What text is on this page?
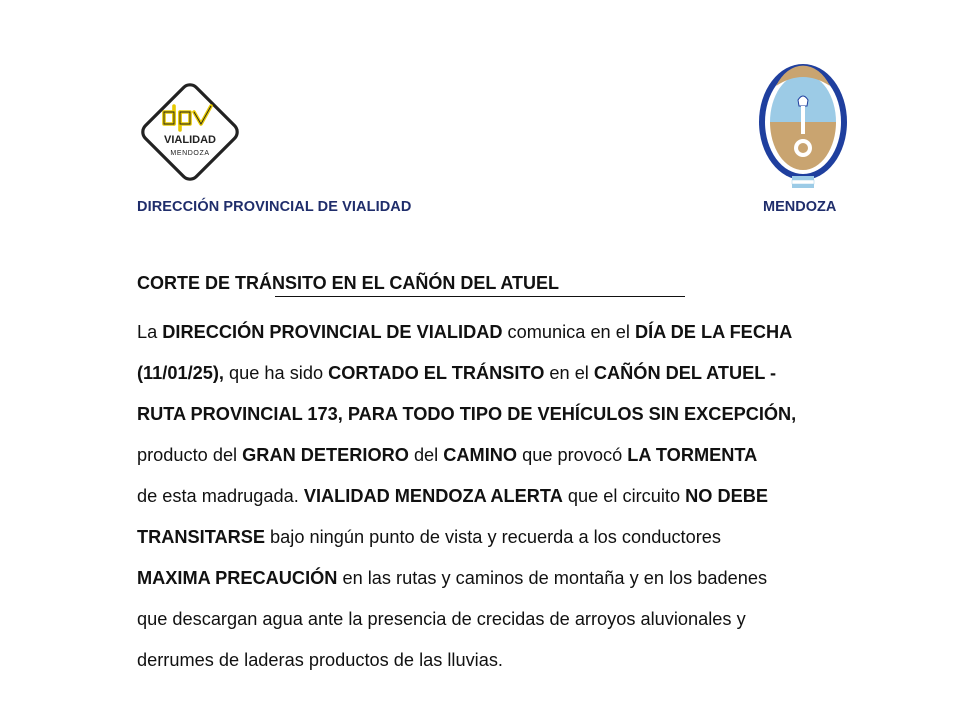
VIALIDAD
MENDOZA
DIRECCIÓN PROVINCIAL DE VIALIDAD	MENDOZA
CORTE DE TRÁNSITO EN EL CAÑÓN DEL ATUEL

La DIRECCIÓN PROVINCIAL DE VIALIDAD comunica en el DÍA DE LA FECHA
(11/01/25), que ha sido CORTADO EL TRÁNSITO en el CAÑÓN DEL ATUEL -
RUTA PROVINCIAL 173, PARA TODO TIPO DE VEHÍCULOS SIN EXCEPCIÓN,
producto del GRAN DETERIORO del CAMINO que provocó LA TORMENTA
de esta madrugada. VIALIDAD MENDOZA ALERTA que el circuito NO DEBE
TRANSITARSE bajo ningún punto de vista y recuerda a los conductores
MAXIMA PRECAUCIÓN en las rutas y caminos de montaña y en los badenes
que descargan agua ante la presencia de crecidas de arroyos aluvionales y
derrumes de laderas productos de las lluvias.
